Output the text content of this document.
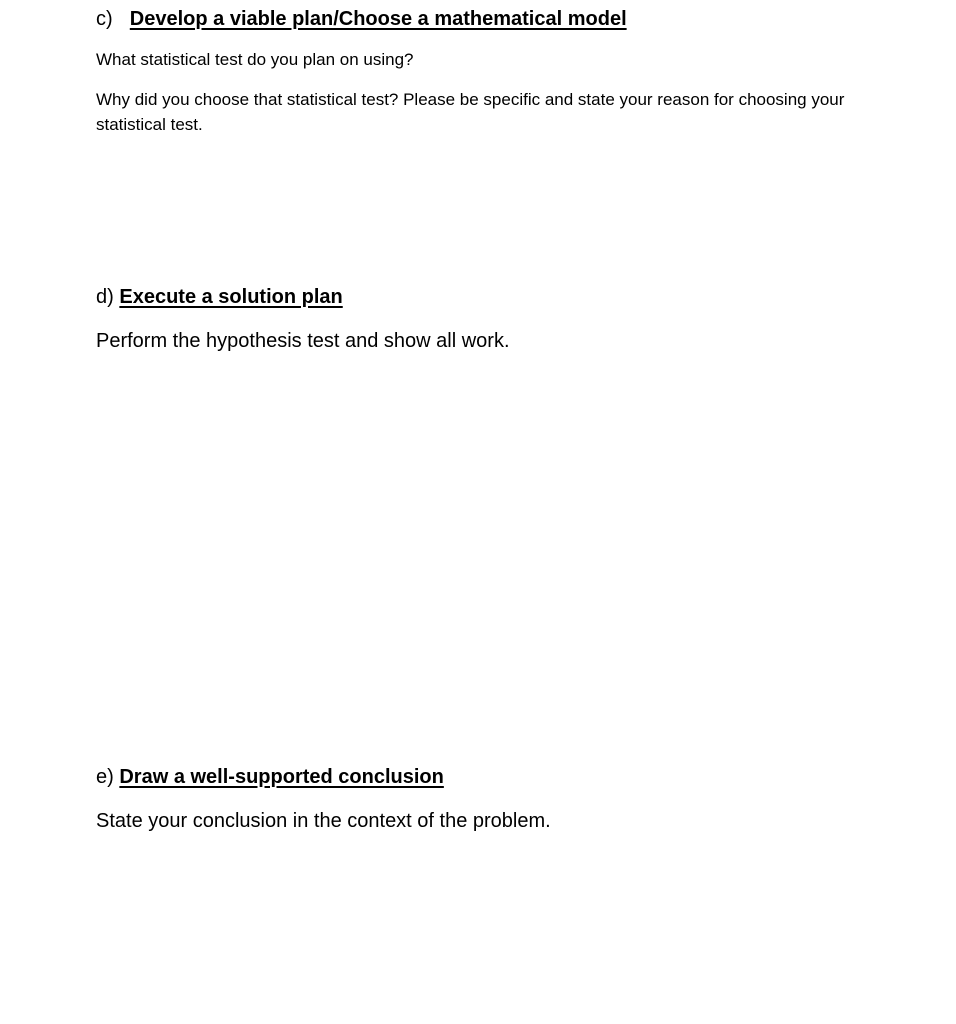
c) Develop a viable plan/Choose a mathematical model

What statistical test do you plan on using?

Why did you choose that statistical test? Please be specific and state your reason for choosing your statistical test.

d) Execute a solution plan

Perform the hypothesis test and show all work.

e) Draw a well-supported conclusion

State your conclusion in the context of the problem.
